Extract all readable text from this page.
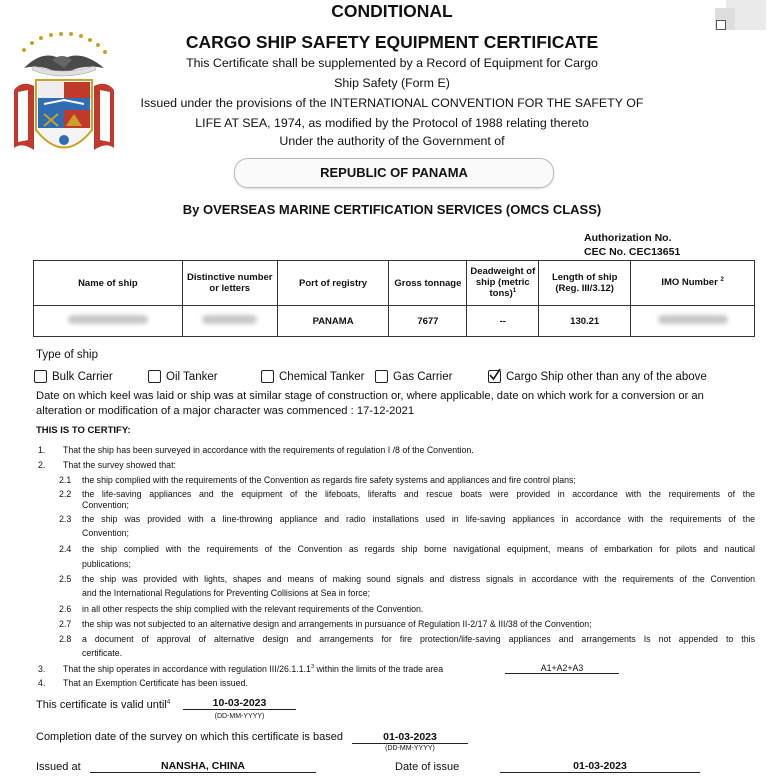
CONDITIONAL
CARGO SHIP SAFETY EQUIPMENT CERTIFICATE
This Certificate shall be supplemented by a Record of Equipment for Cargo
Ship Safety (Form E)
Issued under the provisions of the INTERNATIONAL CONVENTION FOR THE SAFETY OF
LIFE AT SEA, 1974, as modified by the Protocol of 1988 relating thereto
Under the authority of the Government of
REPUBLIC OF PANAMA
By OVERSEAS MARINE CERTIFICATION SERVICES (OMCS CLASS)
Authorization No.
CEC No. CEC13651
Name of ship	Distinctive number or letters	Port of registry	Gross tonnage	Deadweight of ship (metric tons)$^1$	Length of ship (Reg. III/3.12)	IMO Number $^2$
		PANAMA	7677	--	130.21	
Type of ship
Bulk Carrier	Oil Tanker	Chemical Tanker	Gas Carrier	Cargo Ship other than any of the above
Date on which keel was laid or ship was at similar stage of construction or, where applicable, date on which work for a conversion or an
alteration or modification of a major character was commenced : 17-12-2021
THIS IS TO CERTIFY:
1. That the ship has been surveyed in accordance with the requirements of regulation I /8 of the Convention.
2. That the survey showed that:
2.1 the ship complied with the requirements of the Convention as regards fire safety systems and appliances and fire control plans;
2.2 the life-saving appliances and the equipment of the lifeboats, liferafts and rescue boats were provided in accordance with the requirements of the
Convention;
2.3 the ship was provided with a line-throwing appliance and radio installations used in life-saving appliances in accordance with the requirements of the
Convention;
2.4 the ship complied with the requirements of the Convention as regards ship borne navigational equipment, means of embarkation for pilots and nautical
publications;
2.5 the ship was provided with lights, shapes and means of making sound signals and distress signals in accordance with the requirements of the Convention
and the International Regulations for Preventing Collisions at Sea in force;
2.6 in all other respects the ship complied with the relevant requirements of the Convention.
2.7 the ship was not subjected to an alternative design and arrangements in pursuance of Regulation II-2/17 & III/38 of the Convention;
2.8 a document of approval of alternative design and arrangements for fire protection/life-saving appliances and arrangements Is not appended to this
certificate.
3. That the ship operates in accordance with regulation III/26.1.1.1$^3$ within the limits of the trade area	A1+A2+A3
4. That an Exemption Certificate has been issued.
This certificate is valid until$^4$	10-03-2023
(DD-MM-YYYY)
Completion date of the survey on which this certificate is based	01-03-2023
(DD-MM-YYYY)
Issued at	NANSHA, CHINA	Date of issue	01-03-2023
